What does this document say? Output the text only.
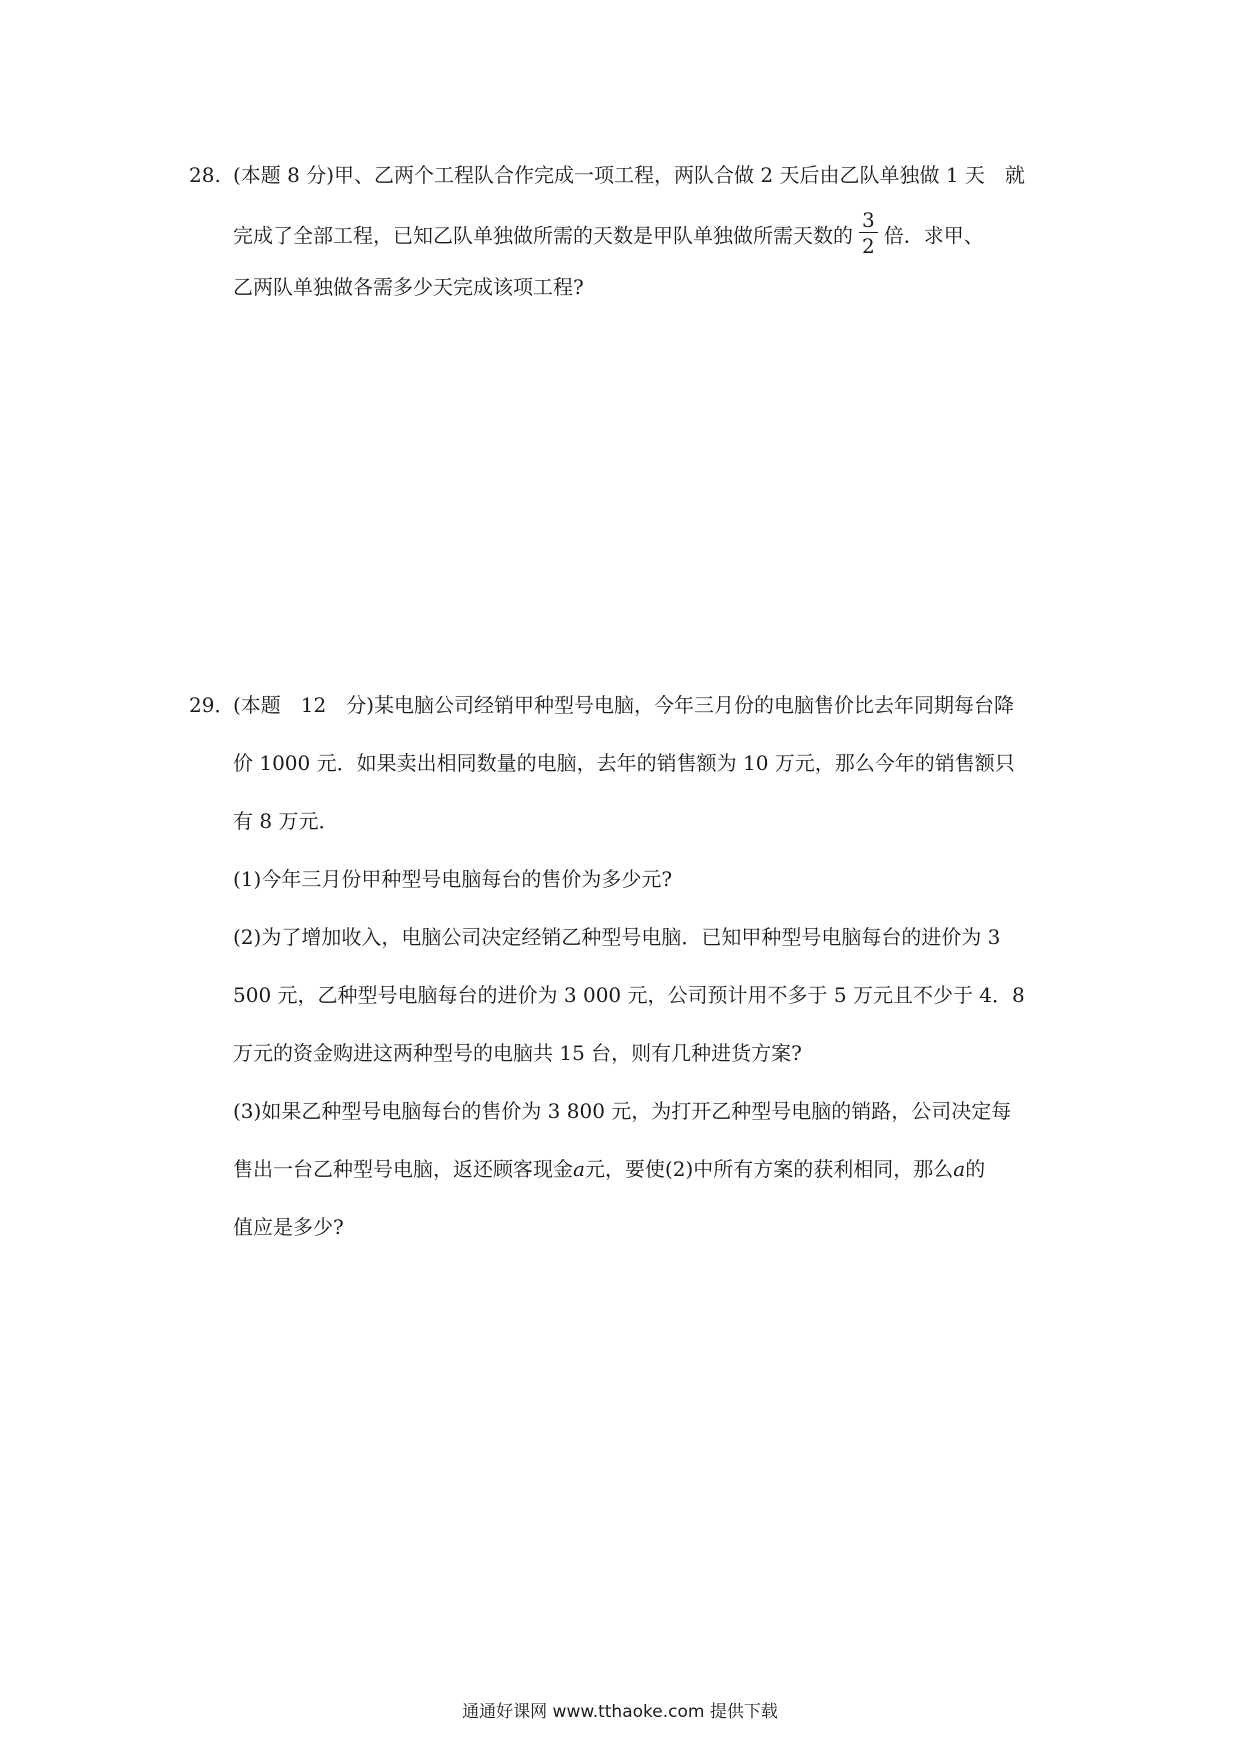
28. (本题 8 分)甲、乙两个工程队合作完成一项工程，两队合做 2 天后由乙队单独做 1 天　就
完成了全部工程，已知乙队单独做所需的天数是甲队单独做所需天数的 $\frac{3}{2}$ 倍．求甲、
乙两队单独做各需多少天完成该项工程?
29．(本题　12　分)某电脑公司经销甲种型号电脑，今年三月份的电脑售价比去年同期每台降
价 1000 元．如果卖出相同数量的电脑，去年的销售额为 10 万元，那么今年的销售额只
有 8 万元．
(1)今年三月份甲种型号电脑每台的售价为多少元?
(2)为了增加收入，电脑公司决定经销乙种型号电脑．已知甲种型号电脑每台的进价为 3
500 元，乙种型号电脑每台的进价为 3 000 元，公司预计用不多于 5 万元且不少于 4．8
万元的资金购进这两种型号的电脑共 15 台，则有几种进货方案?
(3)如果乙种型号电脑每台的售价为 3 800 元，为打开乙种型号电脑的销路，公司决定每
售出一台乙种型号电脑，返还顾客现金a元，要使(2)中所有方案的获利相同，那么a的
值应是多少?
通通好课网 www.tthaoke.com 提供下载
